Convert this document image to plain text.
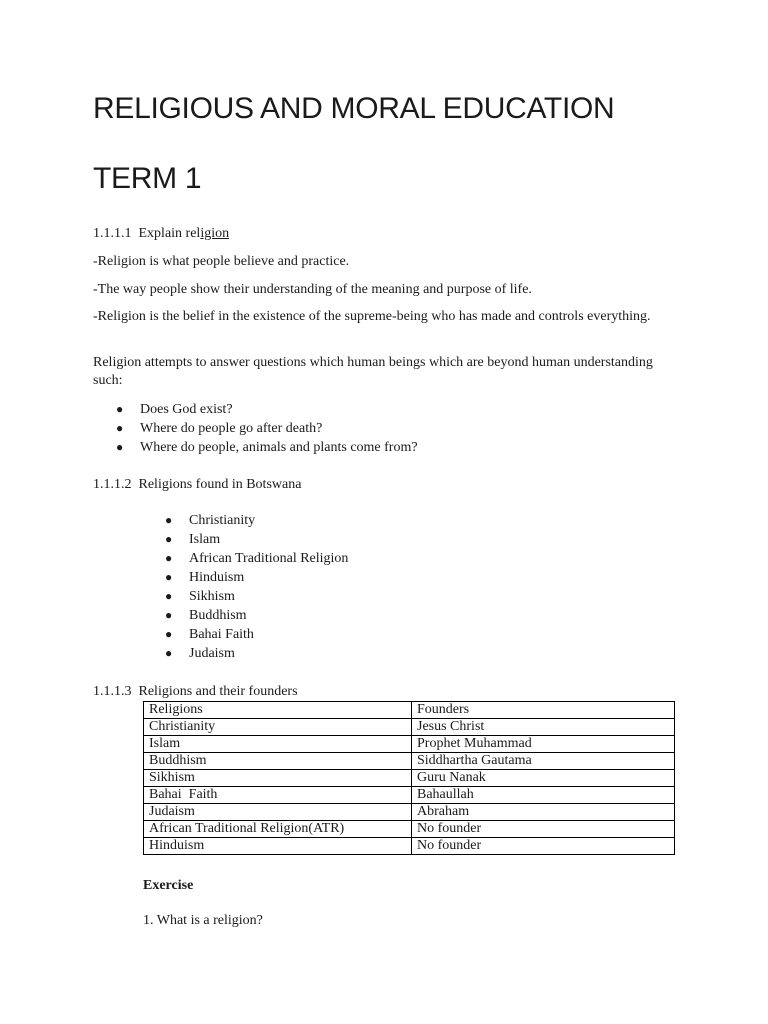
RELIGIOUS AND MORAL EDUCATION
TERM 1

1.1.1.1 Explain religion

-Religion is what people believe and practice.

-The way people show their understanding of the meaning and purpose of life.

-Religion is the belief in the existence of the supreme-being who has made and controls everything.

Religion attempts to answer questions which human beings which are beyond human understanding such:

● Does God exist?
● Where do people go after death?
● Where do people, animals and plants come from?

1.1.1.2 Religions found in Botswana

● Christianity
● Islam
● African Traditional Religion
● Hinduism
● Sikhism
● Buddhism
● Bahai Faith
● Judaism

1.1.1.3 Religions and their founders

Religions	Founders
Christianity	Jesus Christ
Islam	Prophet Muhammad
Buddhism	Siddhartha Gautama
Sikhism	Guru Nanak
Bahai  Faith	Bahaullah
Judaism	Abraham
African Traditional Religion(ATR)	No founder
Hinduism	No founder

Exercise

1. What is a religion?
